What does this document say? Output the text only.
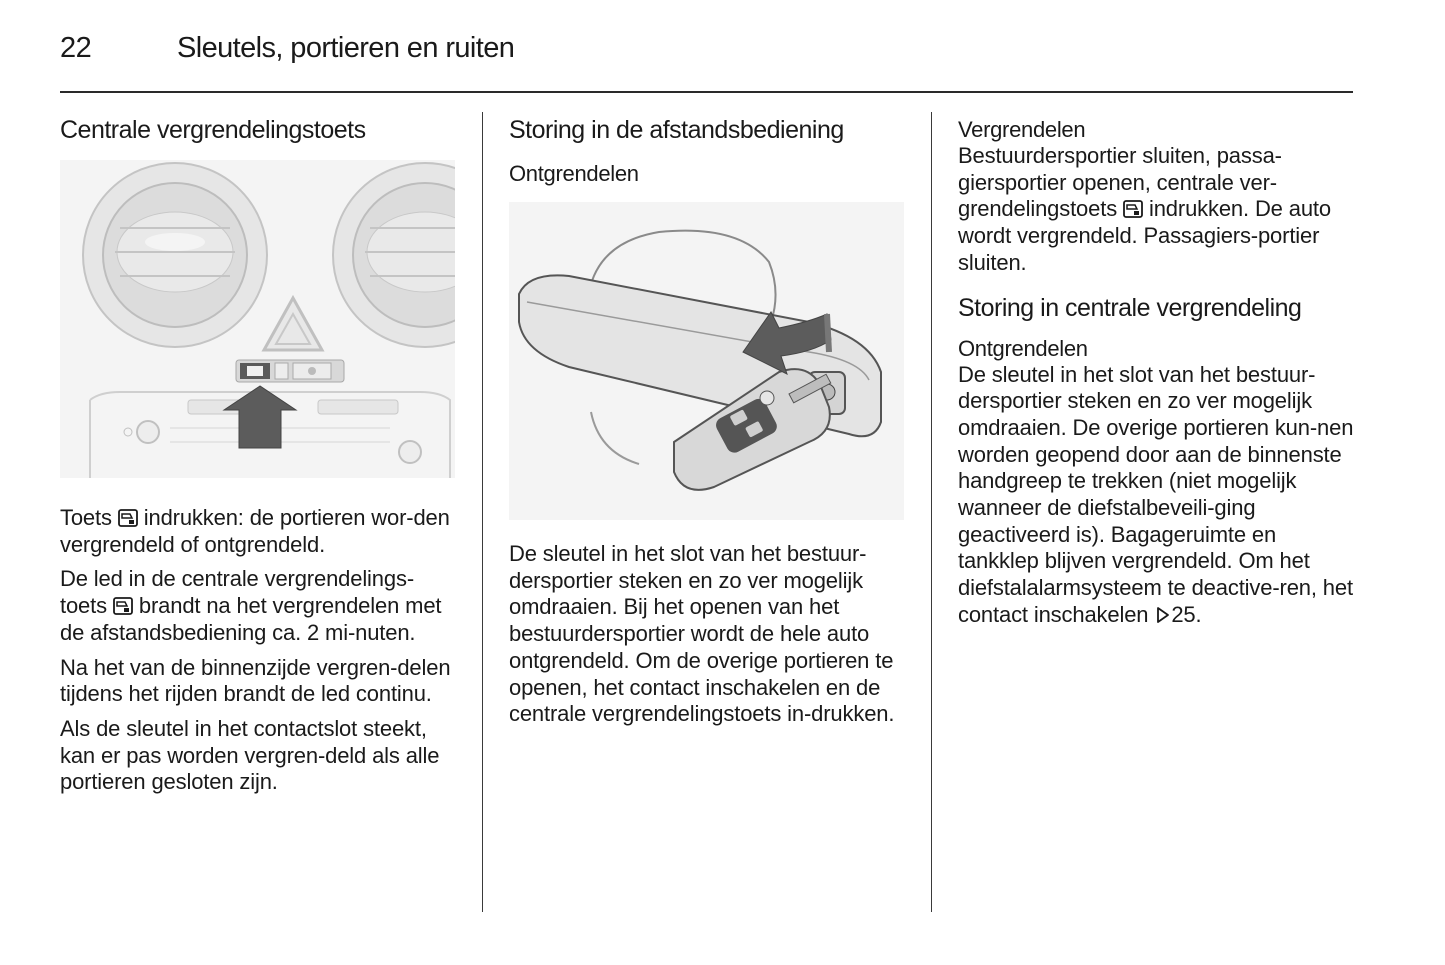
22	Sleutels, portieren en ruiten
Centrale vergrendelingstoets

Toets  indrukken: de portieren wor-den vergrendeld of ontgrendeld.

De led in de centrale vergrendelings-toets  brandt na het vergrendelen met de afstandsbediening ca. 2 mi-nuten.

Na het van de binnenzijde vergren-delen tijdens het rijden brandt de led continu.

Als de sleutel in het contactslot steekt, kan er pas worden vergren-deld als alle portieren gesloten zijn.

Storing in de afstandsbediening
Ontgrendelen

De sleutel in het slot van het bestuur-dersportier steken en zo ver mogelijk omdraaien. Bij het openen van het bestuurdersportier wordt de hele auto ontgrendeld. Om de overige portieren te openen, het contact inschakelen en de centrale vergrendelingstoets in-drukken.

Vergrendelen

Bestuurdersportier sluiten, passa-giersportier openen, centrale ver-grendelingstoets  indrukken. De auto wordt vergrendeld. Passagiers-portier sluiten.

Storing in centrale vergrendeling
Ontgrendelen

De sleutel in het slot van het bestuur-dersportier steken en zo ver mogelijk omdraaien. De overige portieren kun-nen worden geopend door aan de binnenste handgreep te trekken (niet mogelijk wanneer de diefstalbeveili-ging geactiveerd is). Bagageruimte en tankklep blijven vergrendeld. Om het diefstalalarmsysteem te deactive-ren, het contact inschakelen 25.
